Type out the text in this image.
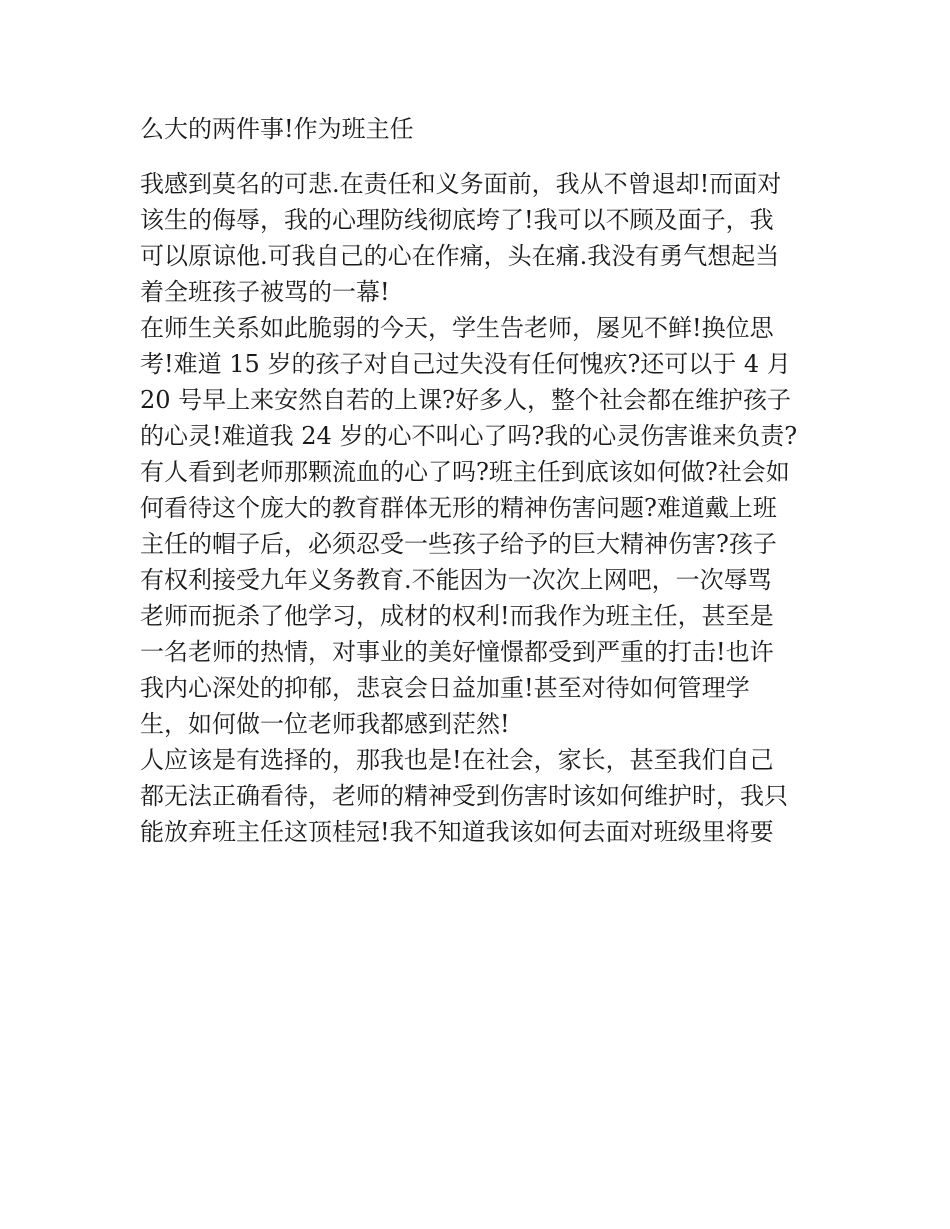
么大的两件事!作为班主任
我感到莫名的可悲.在责任和义务面前，我从不曾退却!而面对
该生的侮辱，我的心理防线彻底垮了!我可以不顾及面子，我
可以原谅他.可我自己的心在作痛，头在痛.我没有勇气想起当
着全班孩子被骂的一幕!
在师生关系如此脆弱的今天，学生告老师，屡见不鲜!换位思
考!难道 15 岁的孩子对自己过失没有任何愧疚?还可以于 4 月
20 号早上来安然自若的上课?好多人，整个社会都在维护孩子
的心灵!难道我 24 岁的心不叫心了吗?我的心灵伤害谁来负责?
有人看到老师那颗流血的心了吗?班主任到底该如何做?社会如
何看待这个庞大的教育群体无形的精神伤害问题?难道戴上班
主任的帽子后，必须忍受一些孩子给予的巨大精神伤害?孩子
有权利接受九年义务教育.不能因为一次次上网吧，一次辱骂
老师而扼杀了他学习，成材的权利!而我作为班主任，甚至是
一名老师的热情，对事业的美好憧憬都受到严重的打击!也许
我内心深处的抑郁，悲哀会日益加重!甚至对待如何管理学
生，如何做一位老师我都感到茫然!
人应该是有选择的，那我也是!在社会，家长，甚至我们自己
都无法正确看待，老师的精神受到伤害时该如何维护时，我只
能放弃班主任这顶桂冠!我不知道我该如何去面对班级里将要
